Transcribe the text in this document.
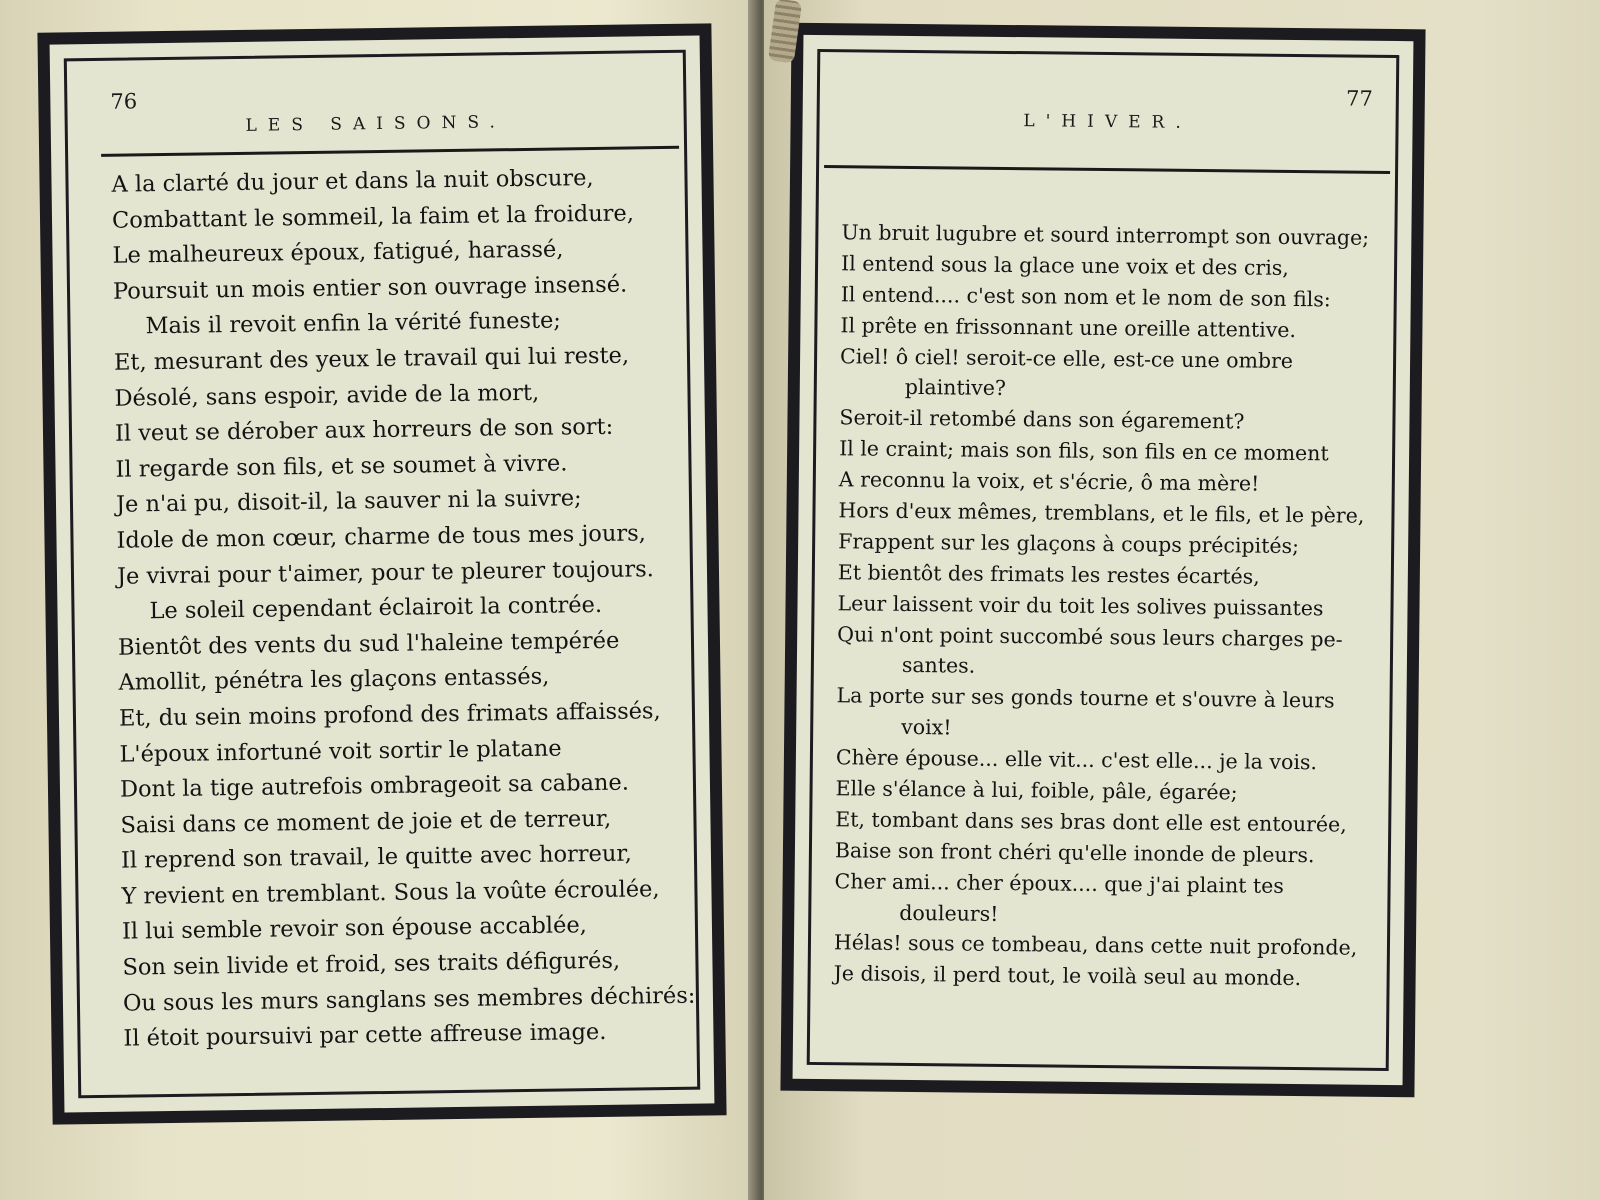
76
LES SAISONS.
A la clarté du jour et dans la nuit obscure,
Combattant le sommeil, la faim et la froidure,
Le malheureux époux, fatigué, harassé,
Poursuit un mois entier son ouvrage insensé.
Mais il revoit enfin la vérité funeste;
Et, mesurant des yeux le travail qui lui reste,
Désolé, sans espoir, avide de la mort,
Il veut se dérober aux horreurs de son sort:
Il regarde son fils, et se soumet à vivre.
Je n'ai pu, disoit-il, la sauver ni la suivre;
Idole de mon cœur, charme de tous mes jours,
Je vivrai pour t'aimer, pour te pleurer toujours.
Le soleil cependant éclairoit la contrée.
Bientôt des vents du sud l'haleine tempérée
Amollit, pénétra les glaçons entassés,
Et, du sein moins profond des frimats affaissés,
L'époux infortuné voit sortir le platane
Dont la tige autrefois ombrageoit sa cabane.
Saisi dans ce moment de joie et de terreur,
Il reprend son travail, le quitte avec horreur,
Y revient en tremblant. Sous la voûte écroulée,
Il lui semble revoir son épouse accablée,
Son sein livide et froid, ses traits défigurés,
Ou sous les murs sanglans ses membres déchirés:
Il étoit poursuivi par cette affreuse image.
77
L'HIVER.
Un bruit lugubre et sourd interrompt son ouvrage;
Il entend sous la glace une voix et des cris,
Il entend.... c'est son nom et le nom de son fils:
Il prête en frissonnant une oreille attentive.
Ciel! ô ciel! seroit-ce elle, est-ce une ombre
plaintive?
Seroit-il retombé dans son égarement?
Il le craint; mais son fils, son fils en ce moment
A reconnu la voix, et s'écrie, ô ma mère!
Hors d'eux mêmes, tremblans, et le fils, et le père,
Frappent sur les glaçons à coups précipités;
Et bientôt des frimats les restes écartés,
Leur laissent voir du toit les solives puissantes
Qui n'ont point succombé sous leurs charges pe-
santes.
La porte sur ses gonds tourne et s'ouvre à leurs
voix!
Chère épouse... elle vit... c'est elle... je la vois.
Elle s'élance à lui, foible, pâle, égarée;
Et, tombant dans ses bras dont elle est entourée,
Baise son front chéri qu'elle inonde de pleurs.
Cher ami... cher époux.... que j'ai plaint tes
douleurs!
Hélas! sous ce tombeau, dans cette nuit profonde,
Je disois, il perd tout, le voilà seul au monde.
